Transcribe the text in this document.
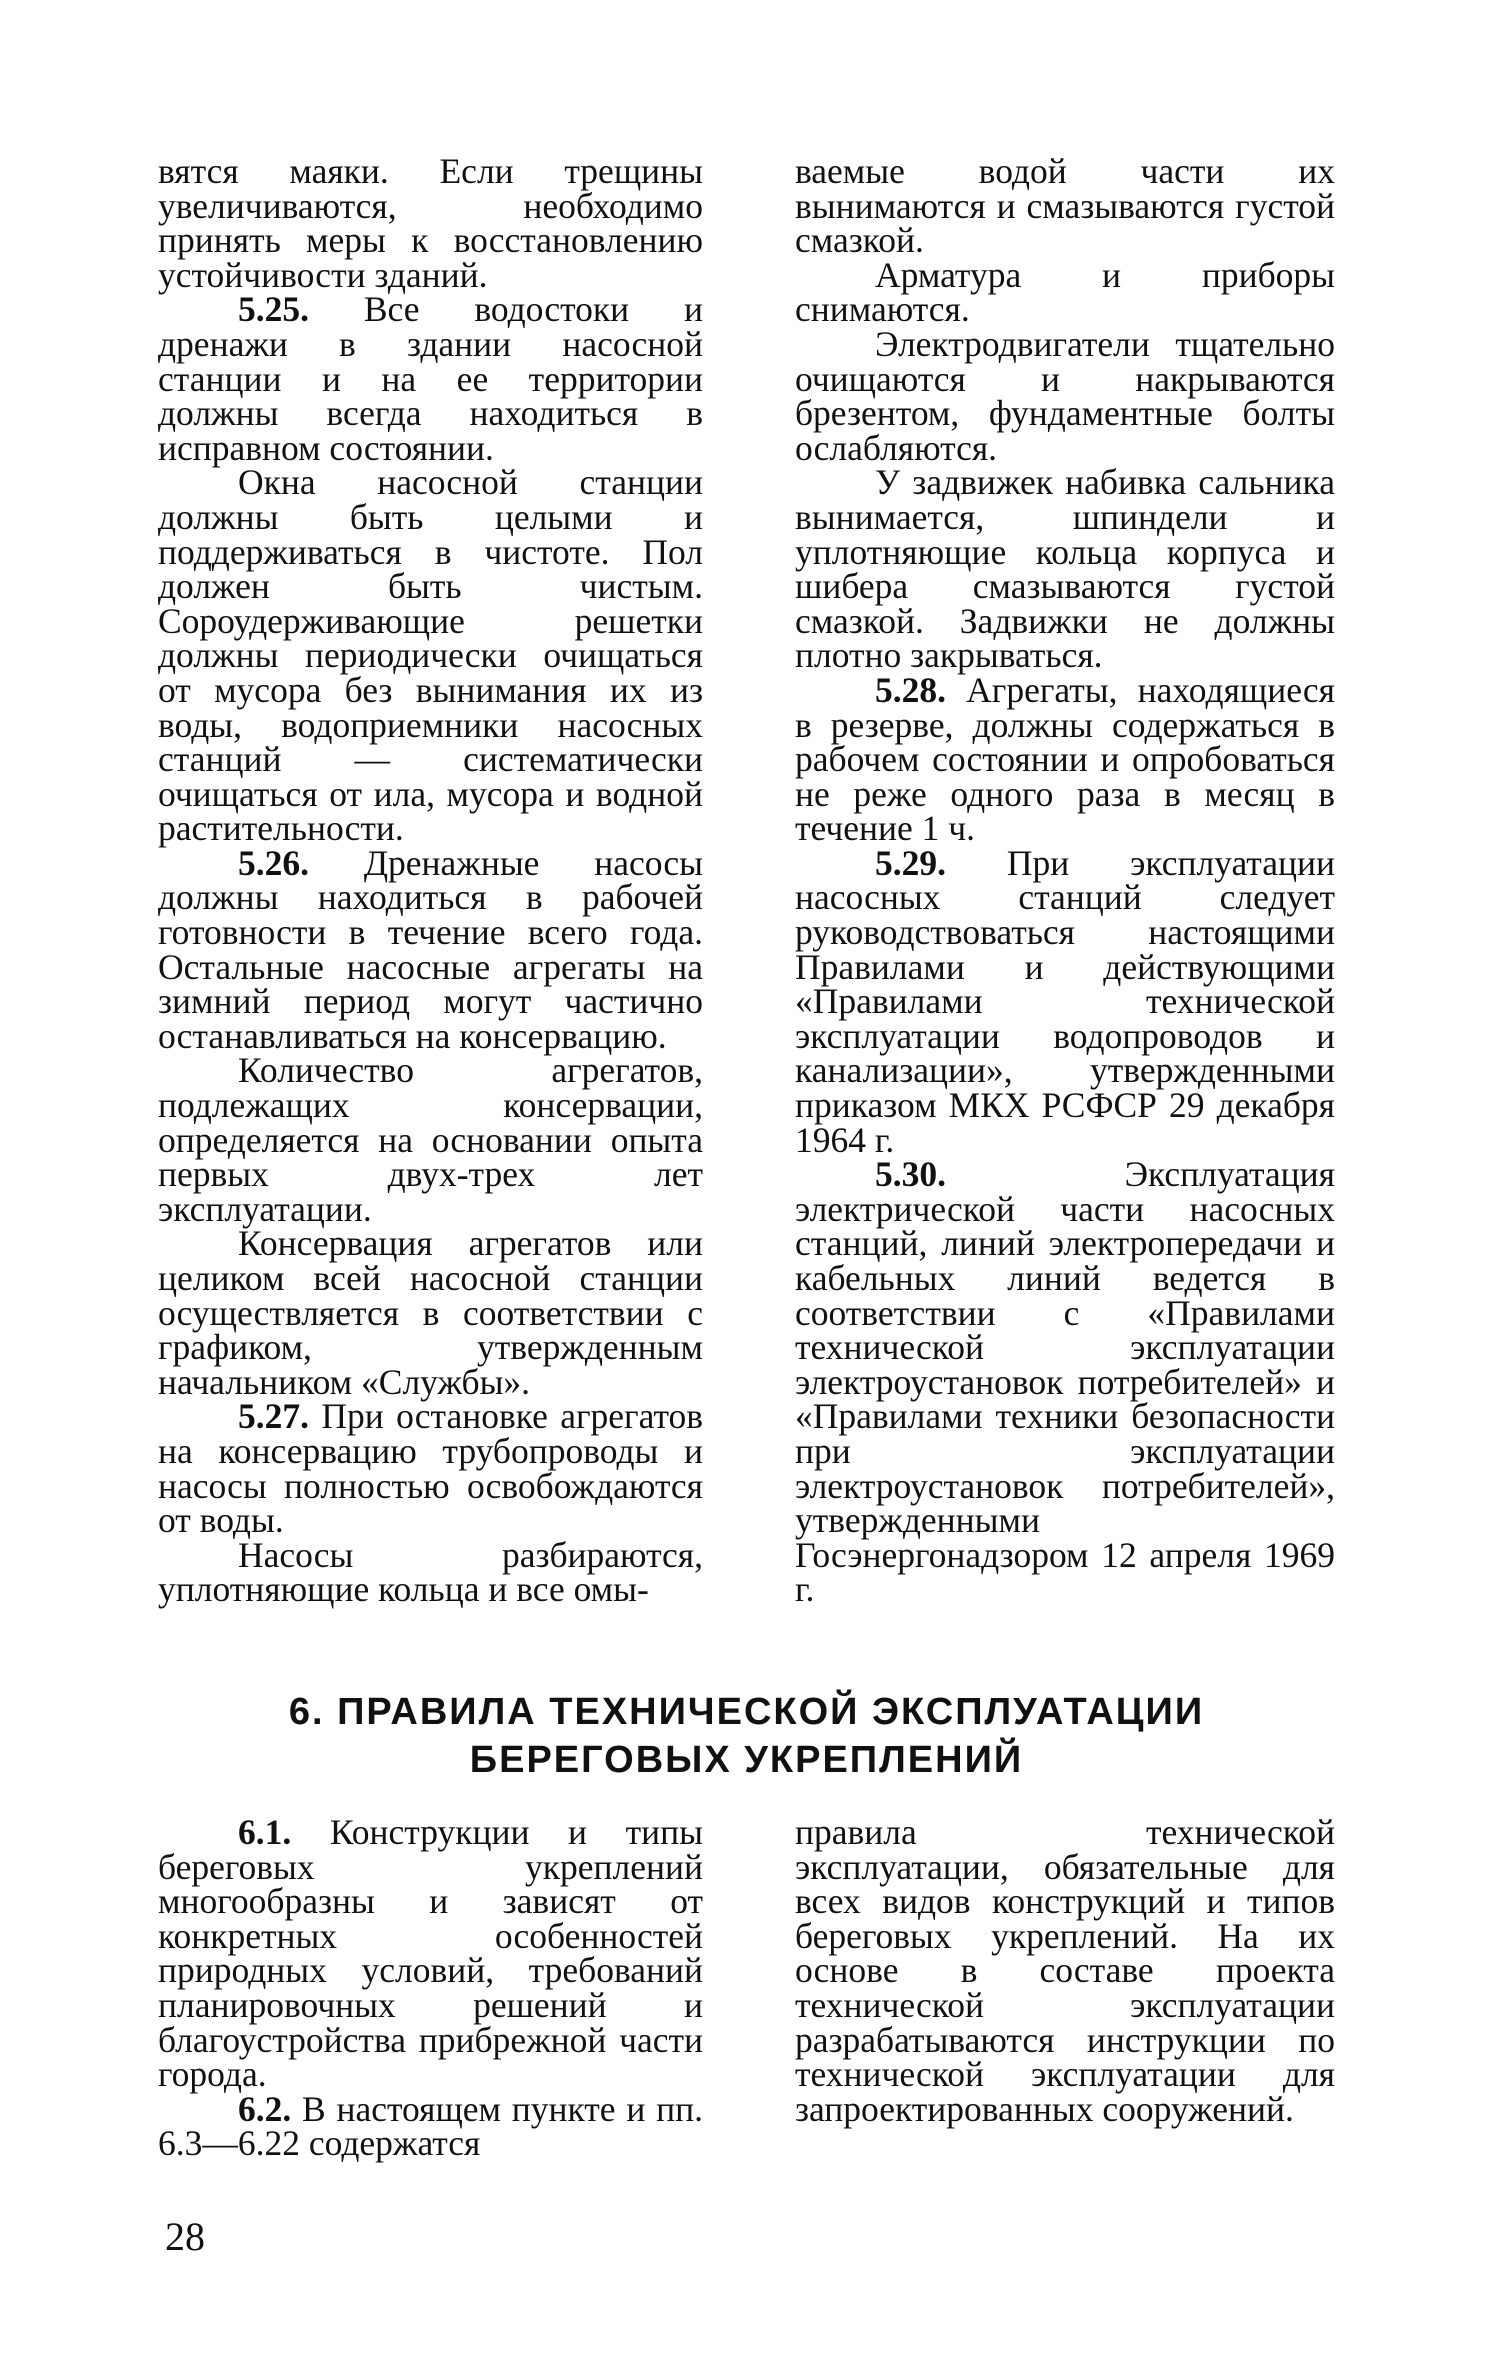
вятся маяки. Если трещины увеличиваются, необходимо принять меры к восстановлению устойчивости зданий.

5.25. Все водостоки и дренажи в здании насосной станции и на ее территории должны всегда находиться в исправном состоянии.

Окна насосной станции должны быть целыми и поддерживаться в чистоте. Пол должен быть чистым. Сороудерживающие решетки должны периодически очищаться от мусора без вынимания их из воды, водоприемники насосных станций — систематически очищаться от ила, мусора и водной растительности.

5.26. Дренажные насосы должны находиться в рабочей готовности в течение всего года. Остальные насосные агрегаты на зимний период могут частично останавливаться на консервацию.

Количество агрегатов, подлежащих консервации, определяется на основании опыта первых двух-трех лет эксплуатации.

Консервация агрегатов или целиком всей насосной станции осуществляется в соответствии с графиком, утвержденным начальником «Службы».

5.27. При остановке агрегатов на консервацию трубопроводы и насосы полностью освобождаются от воды.

Насосы разбираются, уплотняющие кольца и все омы-

ваемые водой части их вынимаются и смазываются густой смазкой.

Арматура и приборы снимаются.

Электродвигатели тщательно очищаются и накрываются брезентом, фундаментные болты ослабляются.

У задвижек набивка сальника вынимается, шпиндели и уплотняющие кольца корпуса и шибера смазываются густой смазкой. Задвижки не должны плотно закрываться.

5.28. Агрегаты, находящиеся в резерве, должны содержаться в рабочем состоянии и опробоваться не реже одного раза в месяц в течение 1 ч.

5.29. При эксплуатации насосных станций следует руководствоваться настоящими Правилами и действующими «Правилами технической эксплуатации водопроводов и канализации», утвержденными приказом МКХ РСФСР 29 декабря 1964 г.

5.30. Эксплуатация электрической части насосных станций, линий электропередачи и кабельных линий ведется в соответствии с «Правилами технической эксплуатации электроустановок потребителей» и «Правилами техники безопасности при эксплуатации электроустановок потребителей», утвержденными Госэнергонадзором 12 апреля 1969 г.

6. ПРАВИЛА ТЕХНИЧЕСКОЙ ЭКСПЛУАТАЦИИ
БЕРЕГОВЫХ УКРЕПЛЕНИЙ

6.1. Конструкции и типы береговых укреплений многообразны и зависят от конкретных особенностей природных условий, требований планировочных решений и благоустройства прибрежной части города.

6.2. В настоящем пункте и пп. 6.3—6.22 содержатся

правила технической эксплуатации, обязательные для всех видов конструкций и типов береговых укреплений. На их основе в составе проекта технической эксплуатации разрабатываются инструкции по технической эксплуатации для запроектированных сооружений.

28
